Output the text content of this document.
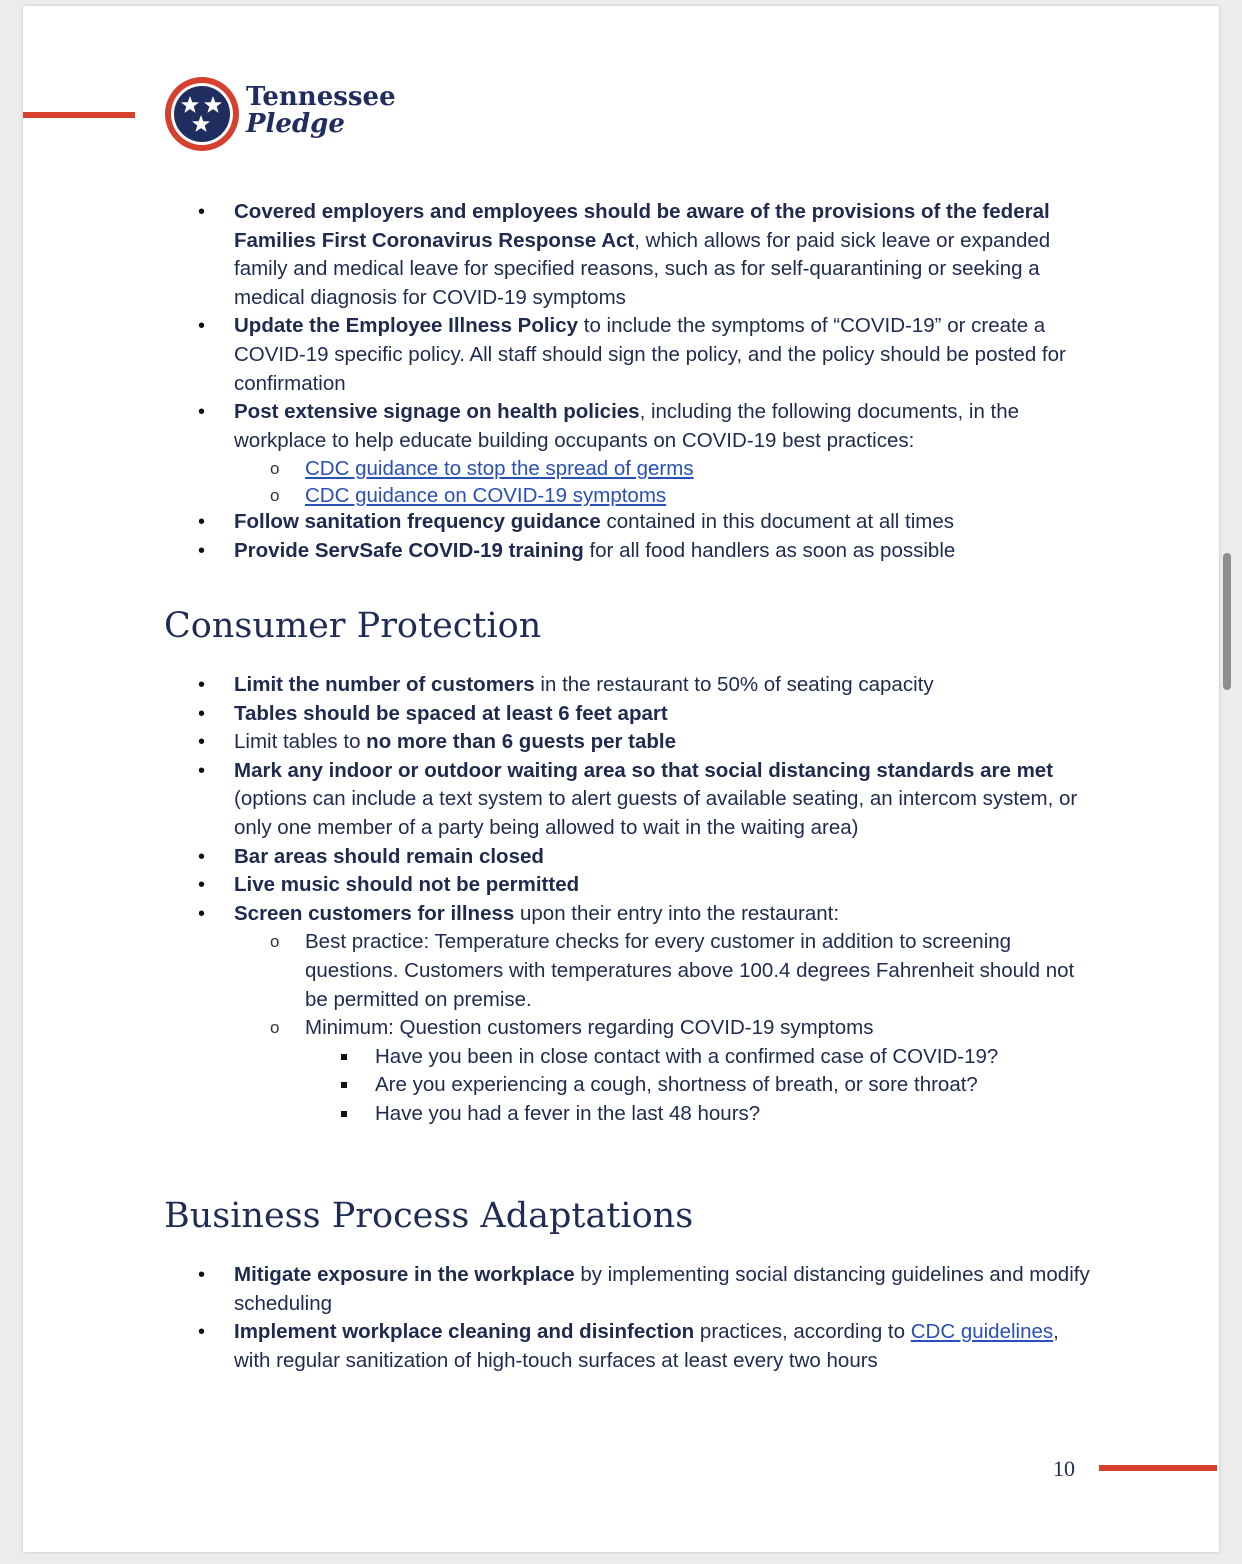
Tennessee
Pledge
• Covered employers and employees should be aware of the provisions of the federal Families First Coronavirus Response Act, which allows for paid sick leave or expanded family and medical leave for specified reasons, such as for self-quarantining or seeking a medical diagnosis for COVID-19 symptoms
• Update the Employee Illness Policy to include the symptoms of “COVID-19” or create a COVID-19 specific policy. All staff should sign the policy, and the policy should be posted for confirmation
• Post extensive signage on health policies, including the following documents, in the workplace to help educate building occupants on COVID-19 best practices:
o CDC guidance to stop the spread of germs
o CDC guidance on COVID-19 symptoms
• Follow sanitation frequency guidance contained in this document at all times
• Provide ServSafe COVID-19 training for all food handlers as soon as possible
Consumer Protection
• Limit the number of customers in the restaurant to 50% of seating capacity
• Tables should be spaced at least 6 feet apart
• Limit tables to no more than 6 guests per table
• Mark any indoor or outdoor waiting area so that social distancing standards are met (options can include a text system to alert guests of available seating, an intercom system, or only one member of a party being allowed to wait in the waiting area)
• Bar areas should remain closed
• Live music should not be permitted
• Screen customers for illness upon their entry into the restaurant:
o Best practice: Temperature checks for every customer in addition to screening questions. Customers with temperatures above 100.4 degrees Fahrenheit should not be permitted on premise.
o Minimum: Question customers regarding COVID-19 symptoms
Have you been in close contact with a confirmed case of COVID-19?
Are you experiencing a cough, shortness of breath, or sore throat?
Have you had a fever in the last 48 hours?
Business Process Adaptations
• Mitigate exposure in the workplace by implementing social distancing guidelines and modify scheduling
• Implement workplace cleaning and disinfection practices, according to CDC guidelines, with regular sanitization of high-touch surfaces at least every two hours
10
